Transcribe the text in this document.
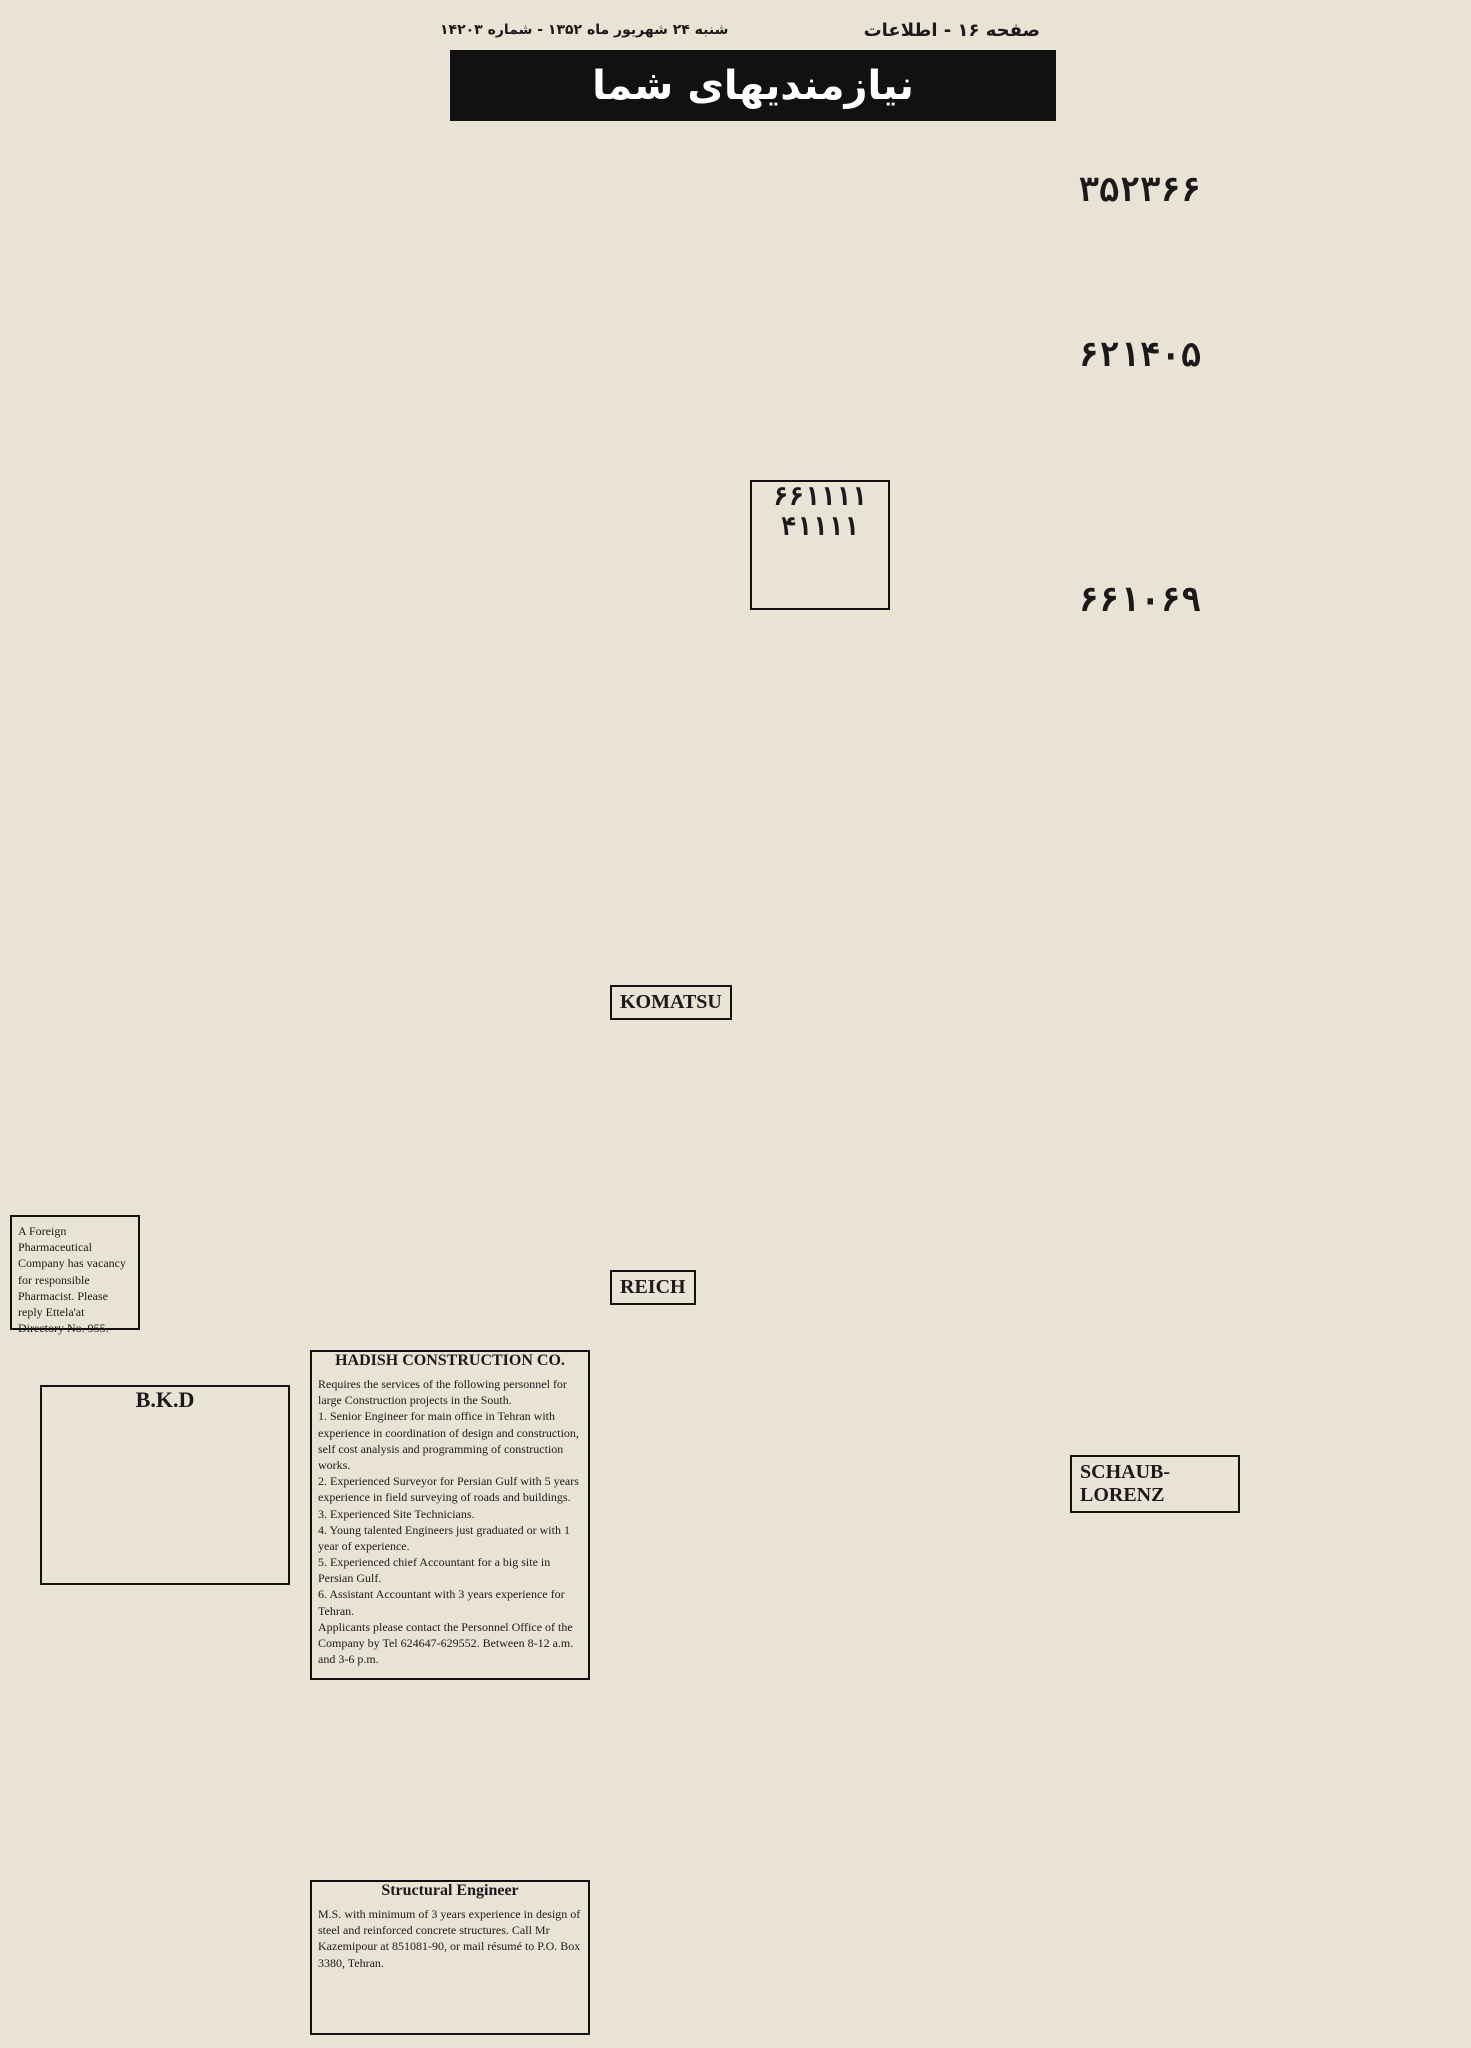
صفحه ۱۶ - اطلاعات
شنبه ۲۴ شهریور ماه ۱۳۵۲ - شماره ۱۴۲۰۳
نیازمندیهای شما
HADISH CONSTRUCTION CO.
Requires the services of the following personnel for large Construction projects in the South.
1. Senior Engineer for main office in Tehran with experience in coordination of design and construction, self cost analysis and programming of construction works.
2. Experienced Surveyor for Persian Gulf with 5 years experience in field surveying of roads and buildings.
3. Experienced Site Technicians.
4. Young talented Engineers just graduated or with 1 year of experience.
5. Experienced chief Accountant for a big site in Persian Gulf.
6. Assistant Accountant with 3 years experience for Tehran.
Applicants please contact the Personnel Office of the Company by Tel 624647-629552. Between 8-12 a.m. and 3-6 p.m.
Structural Engineer
M.S. with minimum of 3 years experience in design of steel and reinforced concrete structures. Call Mr Kazemipour at 851081-90, or mail résumé to P.O. Box 3380, Tehran.
A Foreign Pharmaceutical Company has vacancy for responsible Pharmacist. Please reply Ettela'at Directory No. 955.
B.K.D
۳۵۲۳۶۶
۶۲۱۴۰۵
۶۶۱۰۶۹
۶۶۱۱۱۱
۴۱۱۱۱
SCHAUB-LORENZ
KOMATSU
REICH
